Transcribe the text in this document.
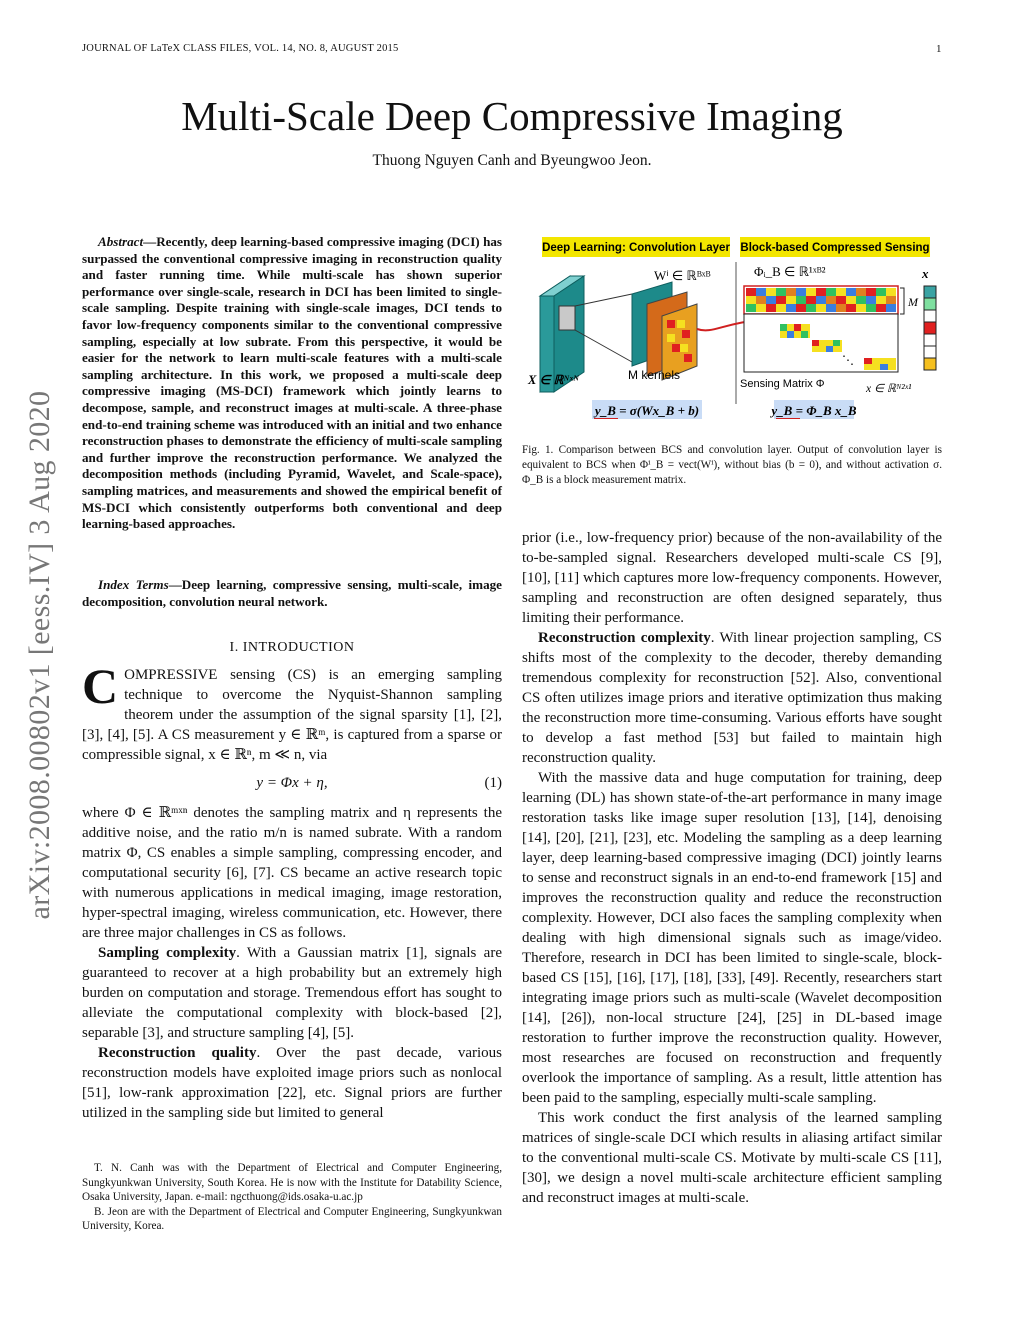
JOURNAL OF LaTeX CLASS FILES, VOL. 14, NO. 8, AUGUST 2015	1
Multi-Scale Deep Compressive Imaging
Thuong Nguyen Canh and Byeungwoo Jeon.
arXiv:2008.00802v1 [eess.IV] 3 Aug 2020
Abstract—Recently, deep learning-based compressive imaging (DCI) has surpassed the conventional compressive imaging in reconstruction quality and faster running time. While multi-scale has shown superior performance over single-scale, research in DCI has been limited to single-scale sampling. Despite training with single-scale images, DCI tends to favor low-frequency components similar to the conventional compressive sampling, especially at low subrate. From this perspective, it would be easier for the network to learn multi-scale features with a multi-scale sampling architecture. In this work, we proposed a multi-scale deep compressive imaging (MS-DCI) framework which jointly learns to decompose, sample, and reconstruct images at multi-scale. A three-phase end-to-end training scheme was introduced with an initial and two enhance reconstruction phases to demonstrate the efficiency of multi-scale sampling and further improve the reconstruction performance. We analyzed the decomposition methods (including Pyramid, Wavelet, and Scale-space), sampling matrices, and measurements and showed the empirical benefit of MS-DCI which consistently outperforms both conventional and deep learning-based approaches.
Index Terms—Deep learning, compressive sensing, multi-scale, image decomposition, convolution neural network.
I. INTRODUCTION

COMPRESSIVE sensing (CS) is an emerging sampling technique to overcome the Nyquist-Shannon sampling theorem under the assumption of the signal sparsity [1], [2], [3], [4], [5]. A CS measurement y ∈ ℝᵐ, is captured from a sparse or compressible signal, x ∈ ℝⁿ, m ≪ n, via

y = Φx + η,	(1)

where Φ ∈ ℝᵐˣⁿ denotes the sampling matrix and η represents the additive noise, and the ratio m/n is named subrate. With a random matrix Φ, CS enables a simple sampling, compressing encoder, and computational security [6], [7]. CS became an active research topic with numerous applications in medical imaging, image restoration, hyper-spectral imaging, wireless communication, etc. However, there are three major challenges in CS as follows.

Sampling complexity. With a Gaussian matrix [1], signals are guaranteed to recover at a high probability but an extremely high burden on computation and storage. Tremendous effort has sought to alleviate the computational complexity with block-based [2], separable [3], and structure sampling [4], [5].

Reconstruction quality. Over the past decade, various reconstruction models have exploited image priors such as nonlocal [51], low-rank approximation [22], etc. Signal priors are further utilized in the sampling side but limited to general

T. N. Canh was with the Department of Electrical and Computer Engineering, Sungkyunkwan University, South Korea. He is now with the Institute for Datability Science, Osaka University, Japan. e-mail: ngcthuong@ids.osaka-u.ac.jp

B. Jeon are with the Department of Electrical and Computer Engineering, Sungkyunkwan University, Korea.

Deep Learning: Convolution Layer Block-based Compressed Sensing
Wⁱ ∈ ℝᴮˣᴮ	Φᵢ_B ∈ ℝ¹ˣᴮ²	x
M
⋱
X ∈ ℝᴺˣᴺ	M kernels
Sensing Matrix Φ	x ∈ ℝᴺ²ˣ¹
y_B = σ(Wx_B + b)	y_B = Φ_B x_B
Fig. 1. Comparison between BCS and convolution layer. Output of convolution layer is equivalent to BCS when Φⁱ_B = vect(Wⁱ), without bias (b = 0), and without activation σ. Φ_B is a block measurement matrix.

prior (i.e., low-frequency prior) because of the non-availability of the to-be-sampled signal. Researchers developed multi-scale CS [9], [10], [11] which captures more low-frequency components. However, sampling and reconstruction are often designed separately, thus limiting their performance.

Reconstruction complexity. With linear projection sampling, CS shifts most of the complexity to the decoder, thereby demanding tremendous complexity for reconstruction [52]. Also, conventional CS often utilizes image priors and iterative optimization thus making the reconstruction more time-consuming. Various efforts have sought to develop a fast method [53] but failed to maintain high reconstruction quality.

With the massive data and huge computation for training, deep learning (DL) has shown state-of-the-art performance in many image restoration tasks like image super resolution [13], [14], denoising [14], [20], [21], [23], etc. Modeling the sampling as a deep learning layer, deep learning-based compressive imaging (DCI) jointly learns to sense and reconstruct signals in an end-to-end framework [15] and improves the reconstruction quality and reduce the reconstruction complexity. However, DCI also faces the sampling complexity when dealing with high dimensional signals such as image/video. Therefore, research in DCI has been limited to single-scale, block-based CS [15], [16], [17], [18], [33], [49]. Recently, researchers start integrating image priors such as multi-scale (Wavelet decomposition [14], [26]), non-local structure [24], [25] in DL-based image restoration to further improve the reconstruction quality. However, most researches are focused on reconstruction and frequently overlook the importance of sampling. As a result, little attention has been paid to the sampling, especially multi-scale sampling.

This work conduct the first analysis of the learned sampling matrices of single-scale DCI which results in aliasing artifact similar to the conventional multi-scale CS. Motivate by multi-scale CS [11], [30], we design a novel multi-scale architecture efficient sampling and reconstruct images at multi-scale.
